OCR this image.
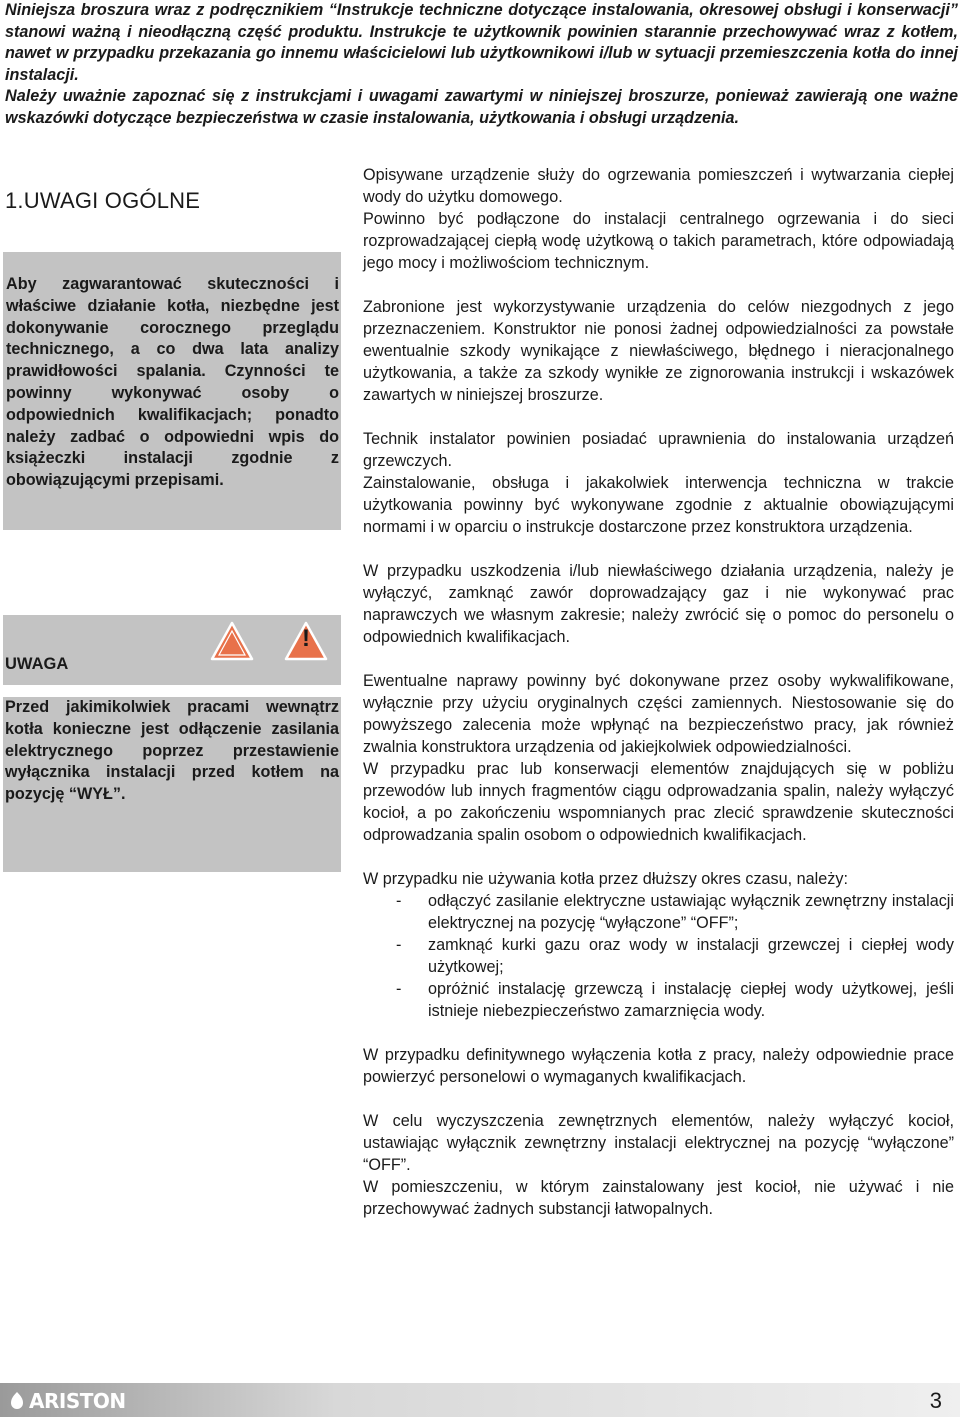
Niniejsza broszura wraz z podręcznikiem “Instrukcje techniczne dotyczące instalowania, okresowej obsługi i konserwacji” stanowi ważną i nieodłączną część produktu. Instrukcje te użytkownik powinien starannie przechowywać wraz z kotłem, nawet w przypadku przekazania go innemu właścicielowi lub użytkownikowi i/lub w sytuacji przemieszczenia kotła do innej instalacji.

Należy uważnie zapoznać się z instrukcjami i uwagami zawartymi w niniejszej broszurze, ponieważ zawierają one ważne wskazówki dotyczące bezpieczeństwa w czasie instalowania, użytkowania i obsługi urządzenia.

1.UWAGI OGÓLNE
Aby zagwarantować skuteczności i właściwe działanie kotła, niezbędne jest dokonywanie corocznego przeglądu technicznego, a co dwa lata analizy prawidłowości spalania. Czynności te powinny wykonywać osoby o odpowiednich kwalifikacjach; ponadto należy zadbać o odpowiedni wpis do książeczki instalacji zgodnie z obowiązującymi przepisami.
!
UWAGA
Przed jakimikolwiek pracami wewnątrz kotła konieczne jest odłączenie zasilania elektrycznego poprzez przestawienie wyłącznika instalacji przed kotłem na pozycję “WYŁ”.

Opisywane urządzenie służy do ogrzewania pomieszczeń i wytwarzania ciepłej wody do użytku domowego.

Powinno być podłączone do instalacji centralnego ogrzewania i do sieci rozprowadzającej ciepłą wodę użytkową o takich parametrach, które odpowiadają jego mocy i możliwościom technicznym.

Zabronione jest wykorzystywanie urządzenia do celów niezgodnych z jego przeznaczeniem. Konstruktor nie ponosi żadnej odpowiedzialności za powstałe ewentualnie szkody wynikające z niewłaściwego, błędnego i nieracjonalnego użytkowania, a także za szkody wynikłe ze zignorowania instrukcji i wskazówek zawartych w niniejszej broszurze.

Technik instalator powinien posiadać uprawnienia do instalowania urządzeń grzewczych.

Zainstalowanie, obsługa i jakakolwiek interwencja techniczna w trakcie użytkowania powinny być wykonywane zgodnie z aktualnie obowiązującymi normami i w oparciu o instrukcje dostarczone przez konstruktora urządzenia.

W przypadku uszkodzenia i/lub niewłaściwego działania urządzenia, należy je wyłączyć, zamknąć zawór doprowadzający gaz i nie wykonywać prac naprawczych we własnym zakresie; należy zwrócić się o pomoc do personelu o odpowiednich kwalifikacjach.

Ewentualne naprawy powinny być dokonywane przez osoby wykwalifikowane, wyłącznie przy użyciu oryginalnych części zamiennych. Niestosowanie się do powyższego zalecenia może wpłynąć na bezpieczeństwo pracy, jak również zwalnia konstruktora urządzenia od jakiejkolwiek odpowiedzialności.

W przypadku prac lub konserwacji elementów znajdujących się w pobliżu przewodów lub innych fragmentów ciągu odprowadzania spalin, należy wyłączyć kocioł, a po zakończeniu wspomnianych prac zlecić sprawdzenie skuteczności odprowadzania spalin osobom o odpowiednich kwalifikacjach.

W przypadku nie używania kotła przez dłuższy okres czasu, należy:

- odłączyć zasilanie elektryczne ustawiając wyłącznik zewnętrzny instalacji elektrycznej na pozycję “wyłączone” “OFF”;
- zamknąć kurki gazu oraz wody w instalacji grzewczej i ciepłej wody użytkowej;
- opróżnić instalację grzewczą i instalację ciepłej wody użytkowej, jeśli istnieje niebezpieczeństwo zamarznięcia wody.

W przypadku definitywnego wyłączenia kotła z pracy, należy odpowiednie prace powierzyć personelowi o wymaganych kwalifikacjach.

W celu wyczyszczenia zewnętrznych elementów, należy wyłączyć kocioł, ustawiając wyłącznik zewnętrzny instalacji elektrycznej na pozycję “wyłączone” “OFF”.

W pomieszczeniu, w którym zainstalowany jest kocioł, nie używać i nie przechowywać żadnych substancji łatwopalnych.

ARISTON	3
